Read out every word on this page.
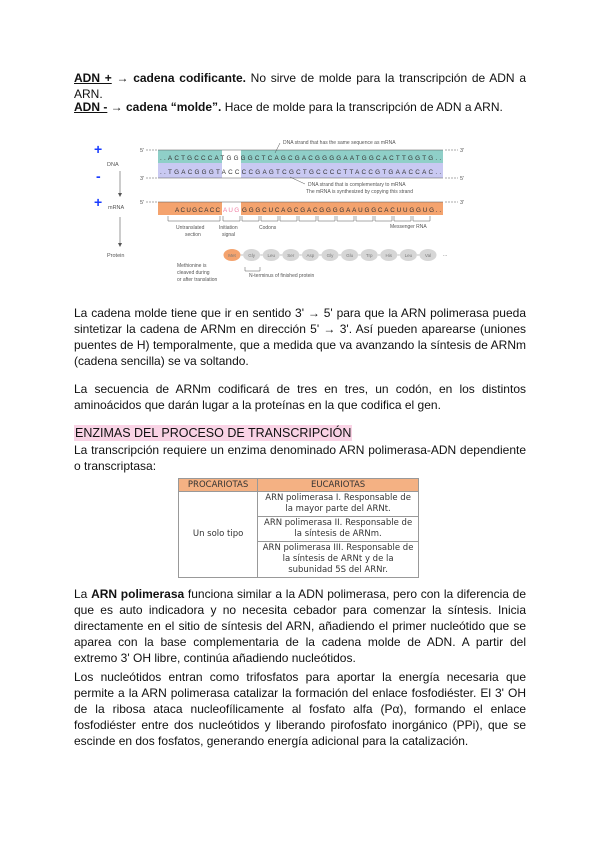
ADN + → cadena codificante. No sirve de molde para la transcripción de ADN a ARN.

ADN - → cadena “molde”. Hace de molde para la transcripción de ADN a ARN.

+
-
+
DNA
mRNA
Protein
5'
3'
5'
3'
5'
3'
..ACTGCCCATGGGGCTCAGCGACGGGGAATGGCACTTGGTG..
..TGACGGGTACCCCGAGTCGCTGCCCCTTACCGTGAACCAC..
ACUGCACC AUG GGGCUCAGCGACGGGGAAUGGCACUUGGUG..
DNA strand that has the same sequence as mRNA
DNA strand that is complementary to mRNA
The mRNA is synthesized by copying this strand
Untranslated
section
Initiation
signal
Codons	Messenger RNA
Methionine is
cleaved during
or after translation
N-terminus of finished protein
...
Met	Gly	Leu	Ser	Asp	Gly	Glu	Trp	His	Leu	Val

La cadena molde tiene que ir en sentido 3' → 5' para que la ARN polimerasa pueda sintetizar la cadena de ARNm en dirección 5' → 3'. Así pueden aparearse (uniones puentes de H) temporalmente, que a medida que va avanzando la síntesis de ARNm (cadena sencilla) se va soltando.

La secuencia de ARNm codificará de tres en tres, un codón, en los distintos aminoácidos que darán lugar a la proteínas en la que codifica el gen.

ENZIMAS DEL PROCESO DE TRANSCRIPCIÓN

La transcripción requiere un enzima denominado ARN polimerasa-ADN dependiente o transcriptasa:

PROCARIOTAS	EUCARIOTAS
Un solo tipo	ARN polimerasa I. Responsable de la mayor parte del ARNt.
	ARN polimerasa II. Responsable de la síntesis de ARNm.
	ARN polimerasa III. Responsable de la síntesis de ARNt y de la subunidad 5S del ARNr.

La ARN polimerasa funciona similar a la ADN polimerasa, pero con la diferencia de que es auto indicadora y no necesita cebador para comenzar la síntesis. Inicia directamente en el sitio de síntesis del ARN, añadiendo el primer nucleótido que se aparea con la base complementaria de la cadena molde de ADN. A partir del extremo 3' OH libre, continúa añadiendo nucleótidos.

Los nucleótidos entran como trifosfatos para aportar la energía necesaria que permite a la ARN polimerasa catalizar la formación del enlace fosfodiéster. El 3' OH de la ribosa ataca nucleofílicamente al fosfato alfa (Pα), formando el enlace fosfodiéster entre dos nucleótidos y liberando pirofosfato inorgánico (PPi), que se escinde en dos fosfatos, generando energía adicional para la catalización.
